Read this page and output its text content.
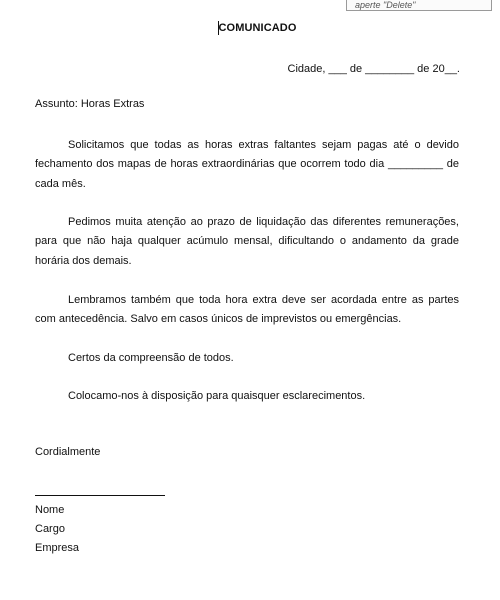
aperte "Delete"
COMUNICADO
Cidade, ___ de ________ de 20__.
Assunto: Horas Extras
Solicitamos que todas as horas extras faltantes sejam pagas até o devido fechamento dos mapas de horas extraordinárias que ocorrem todo dia _________ de cada mês.
Pedimos muita atenção ao prazo de liquidação das diferentes remunerações, para que não haja qualquer acúmulo mensal, dificultando o andamento da grade horária dos demais.
Lembramos também que toda hora extra deve ser acordada entre as partes com antecedência. Salvo em casos únicos de imprevistos ou emergências.
Certos da compreensão de todos.
Colocamo-nos à disposição para quaisquer esclarecimentos.
Cordialmente
Nome
Cargo
Empresa
